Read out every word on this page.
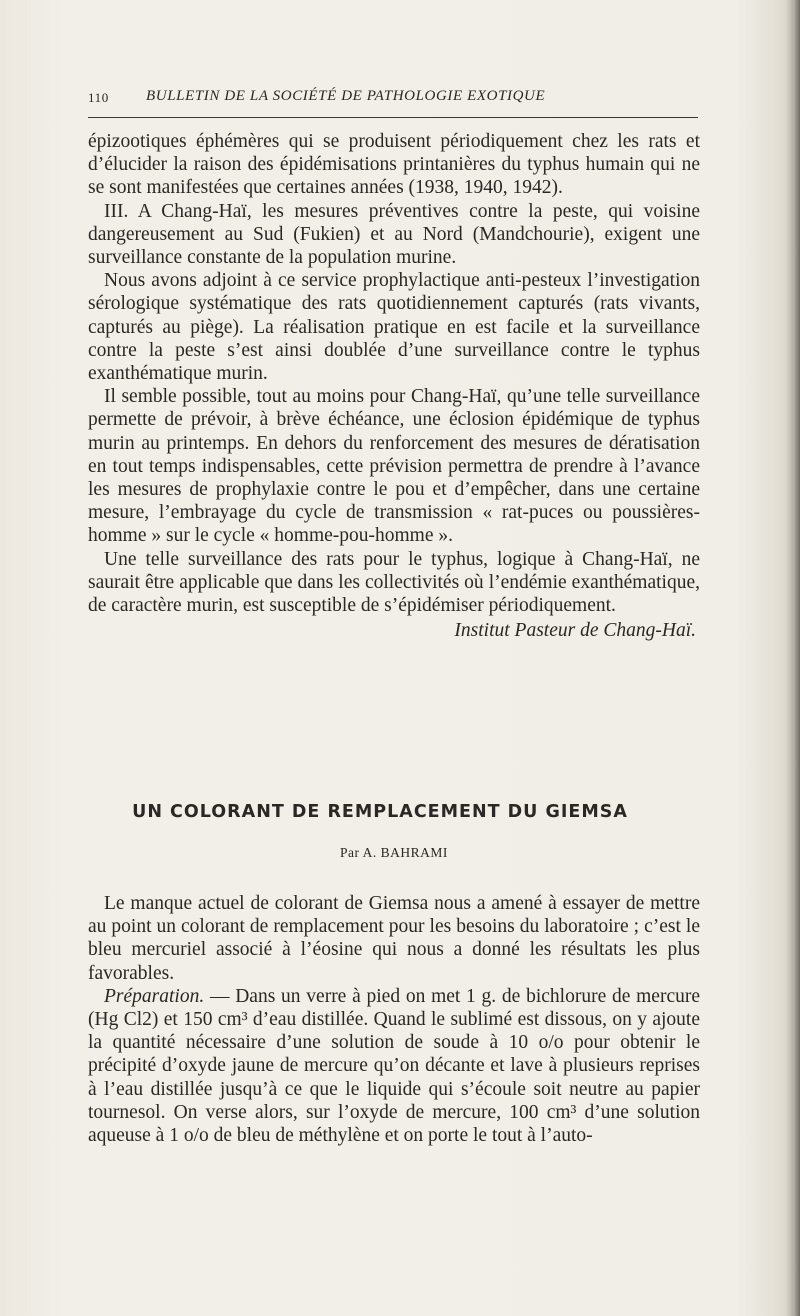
110 BULLETIN DE LA SOCIÉTÉ DE PATHOLOGIE EXOTIQUE

épizootiques éphémères qui se produisent périodiquement chez les rats et d’élucider la raison des épidémisations printanières du typhus humain qui ne se sont manifestées que certaines années (1938, 1940, 1942).

III. A Chang-Haï, les mesures préventives contre la peste, qui voisine dangereusement au Sud (Fukien) et au Nord (Mandchourie), exigent une surveillance constante de la population murine.

Nous avons adjoint à ce service prophylactique anti-pesteux l’investigation sérologique systématique des rats quotidiennement capturés (rats vivants, capturés au piège). La réalisation pratique en est facile et la surveillance contre la peste s’est ainsi doublée d’une surveillance contre le typhus exanthématique murin.

Il semble possible, tout au moins pour Chang-Haï, qu’une telle surveillance permette de prévoir, à brève échéance, une éclosion épidémique de typhus murin au printemps. En dehors du renforcement des mesures de dératisation en tout temps indispensables, cette prévision permettra de prendre à l’avance les mesures de prophylaxie contre le pou et d’empêcher, dans une certaine mesure, l’embrayage du cycle de transmission « rat-puces ou poussières-homme » sur le cycle « homme-pou-homme ».

Une telle surveillance des rats pour le typhus, logique à Chang-Haï, ne saurait être applicable que dans les collectivités où l’endémie exanthématique, de caractère murin, est susceptible de s’épidémiser périodiquement.

Institut Pasteur de Chang-Haï.

UN COLORANT DE REMPLACEMENT DU GIEMSA
Par A. BAHRAMI

Le manque actuel de colorant de Giemsa nous a amené à essayer de mettre au point un colorant de remplacement pour les besoins du laboratoire ; c’est le bleu mercuriel associé à l’éosine qui nous a donné les résultats les plus favorables.

Préparation. — Dans un verre à pied on met 1 g. de bichlorure de mercure (Hg Cl2) et 150 cm³ d’eau distillée. Quand le sublimé est dissous, on y ajoute la quantité nécessaire d’une solution de soude à 10 o/o pour obtenir le précipité d’oxyde jaune de mercure qu’on décante et lave à plusieurs reprises à l’eau distillée jusqu’à ce que le liquide qui s’écoule soit neutre au papier tournesol. On verse alors, sur l’oxyde de mercure, 100 cm³ d’une solution aqueuse à 1 o/o de bleu de méthylène et on porte le tout à l’auto-
